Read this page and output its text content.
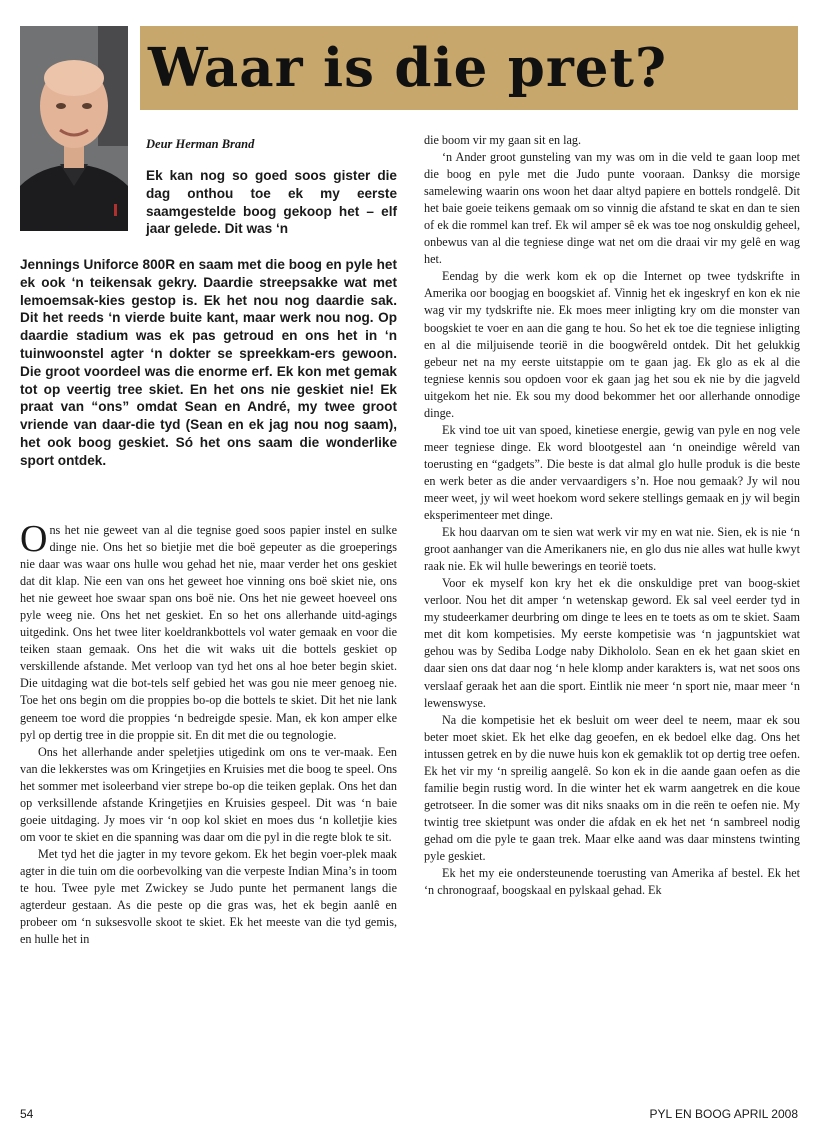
Waar is die pret?

Deur Herman Brand

Ek kan nog so goed soos gister die dag onthou toe ek my eerste saamgestelde boog gekoop het – elf jaar gelede. Dit was ‘n

Jennings Uniforce 800R en saam met die boog en pyle het ek ook ‘n teikensak gekry. Daardie streepsakke wat met lemoemsak-kies gestop is. Ek het nou nog daardie sak. Dit het reeds ‘n vierde buite kant, maar werk nou nog. Op daardie stadium was ek pas getroud en ons het in ‘n tuinwoonstel agter ‘n dokter se spreekkam-ers gewoon. Die groot voordeel was die enorme erf. Ek kon met gemak tot op veertig tree skiet. En het ons nie geskiet nie! Ek praat van “ons” omdat Sean en André, my twee groot vriende van daar-die tyd (Sean en ek jag nou nog saam), het ook boog geskiet. Só het ons saam die wonderlike sport ontdek.

Ons het nie geweet van al die tegnise goed soos papier instel en sulke dinge nie. Ons het so bietjie met die boë gepeuter as die groeperings nie daar was waar ons hulle wou gehad het nie, maar verder het ons geskiet dat dit klap. Nie een van ons het geweet hoe vinning ons boë skiet nie, ons het nie geweet hoe swaar span ons boë nie. Ons het nie geweet hoeveel ons pyle weeg nie. Ons het net geskiet. En so het ons allerhande uitd-agings uitgedink. Ons het twee liter koeldrankbottels vol water gemaak en voor die teiken staan gemaak. Ons het die wit waks uit die bottels geskiet op verskillende afstande. Met verloop van tyd het ons al hoe beter begin skiet. Die uitdaging wat die bot-tels self gebied het was gou nie meer genoeg nie. Toe het ons begin om die proppies bo-op die bottels te skiet. Dit het nie lank geneem toe word die proppies ‘n bedreigde spesie. Man, ek kon amper elke pyl op dertig tree in die proppie sit. En dit met die ou tegnologie.

Ons het allerhande ander speletjies utigedink om ons te ver-maak. Een van die lekkerstes was om Kringetjies en Kruisies met die boog te speel. Ons het sommer met isoleerband vier strepe bo-op die teiken geplak. Ons het dan op verksillende afstande Kringetjies en Kruisies gespeel. Dit was ‘n baie goeie uitdaging. Jy moes vir ‘n oop kol skiet en moes dus ‘n kolletjie kies om voor te skiet en die spanning was daar om die pyl in die regte blok te sit.

Met tyd het die jagter in my tevore gekom. Ek het begin voer-plek maak agter in die tuin om die oorbevolking van die verpeste Indian Mina’s in toom te hou. Twee pyle met Zwickey se Judo punte het permanent langs die agterdeur gestaan. As die peste op die gras was, het ek begin aanlê en probeer om ‘n suksesvolle skoot te skiet. Ek het meeste van die tyd gemis, en hulle het in

die boom vir my gaan sit en lag.

‘n Ander groot gunsteling van my was om in die veld te gaan loop met die boog en pyle met die Judo punte vooraan. Danksy die morsige samelewing waarin ons woon het daar altyd papiere en bottels rondgelê. Dit het baie goeie teikens gemaak om so vinnig die afstand te skat en dan te sien of ek die rommel kan tref. Ek wil amper sê ek was toe nog onskuldig geheel, onbewus van al die tegniese dinge wat net om die draai vir my gelê en wag het.

Eendag by die werk kom ek op die Internet op twee tydskrifte in Amerika oor boogjag en boogskiet af. Vinnig het ek ingeskryf en kon ek nie wag vir my tydskrifte nie. Ek moes meer inligting kry om die monster van boogskiet te voer en aan die gang te hou. So het ek toe die tegniese inligting en al die miljuisende teorië in die boogwêreld ontdek. Dit het gelukkig gebeur net na my eerste uitstappie om te gaan jag. Ek glo as ek al die tegniese kennis sou opdoen voor ek gaan jag het sou ek nie by die jagveld uitgekom het nie. Ek sou my dood bekommer het oor allerhande onnodige dinge.

Ek vind toe uit van spoed, kinetiese energie, gewig van pyle en nog vele meer tegniese dinge. Ek word blootgestel aan ‘n oneindige wêreld van toerusting en “gadgets”. Die beste is dat almal glo hulle produk is die beste en werk beter as die ander vervaardigers s’n. Hoe nou gemaak? Jy wil nou meer weet, jy wil weet hoekom word sekere stellings gemaak en jy wil begin eksperimenteer met dinge.

Ek hou daarvan om te sien wat werk vir my en wat nie. Sien, ek is nie ‘n groot aanhanger van die Amerikaners nie, en glo dus nie alles wat hulle kwyt raak nie. Ek wil hulle bewerings en teorië toets.

Voor ek myself kon kry het ek die onskuldige pret van boog-skiet verloor. Nou het dit amper ‘n wetenskap geword. Ek sal veel eerder tyd in my studeerkamer deurbring om dinge te lees en te toets as om te skiet. Saam met dit kom kompetisies. My eerste kompetisie was ‘n jagpuntskiet wat gehou was by Sediba Lodge naby Dikhololo. Sean en ek het gaan skiet en daar sien ons dat daar nog ‘n hele klomp ander karakters is, wat net soos ons verslaaf geraak het aan die sport. Eintlik nie meer ‘n sport nie, maar meer ‘n lewenswyse.

Na die kompetisie het ek besluit om weer deel te neem, maar ek sou beter moet skiet. Ek het elke dag geoefen, en ek bedoel elke dag. Ons het intussen getrek en by die nuwe huis kon ek gemaklik tot op dertig tree oefen. Ek het vir my ‘n spreilig aangelê. So kon ek in die aande gaan oefen as die familie begin rustig word. In die winter het ek warm aangetrek en die koue getrotseer. In die somer was dit niks snaaks om in die reën te oefen nie. My twintig tree skietpunt was onder die afdak en ek het net ‘n sambreel nodig gehad om die pyle te gaan trek. Maar elke aand was daar minstens twinting pyle geskiet.

Ek het my eie ondersteunende toerusting van Amerika af bestel. Ek het ‘n chronograaf, boogskaal en pylskaal gehad. Ek

54	PYL EN BOOG APRIL 2008
